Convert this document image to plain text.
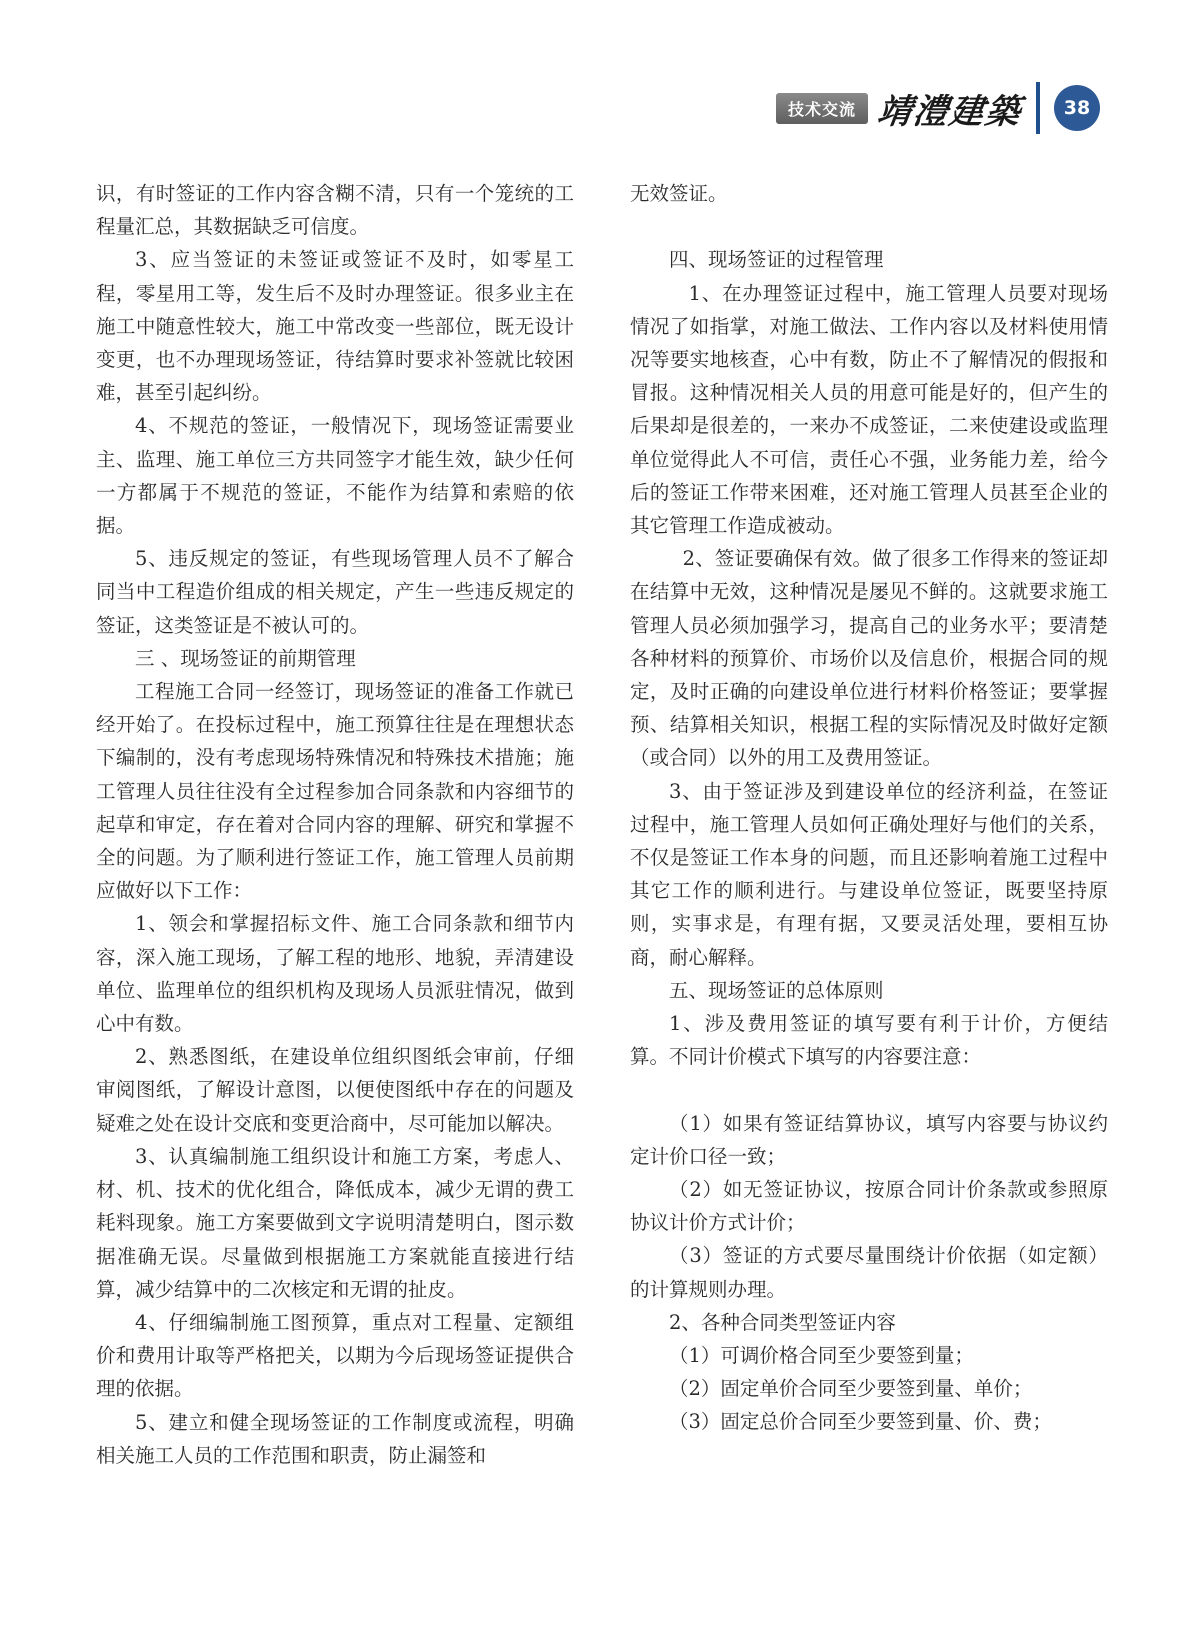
技术交流 靖澧建築	38

识，有时签证的工作内容含糊不清，只有一个笼统的工程量汇总，其数据缺乏可信度。

3、应当签证的未签证或签证不及时，如零星工程，零星用工等，发生后不及时办理签证。很多业主在施工中随意性较大，施工中常改变一些部位，既无设计变更，也不办理现场签证，待结算时要求补签就比较困难，甚至引起纠纷。

4、不规范的签证，一般情况下，现场签证需要业主、监理、施工单位三方共同签字才能生效，缺少任何一方都属于不规范的签证，不能作为结算和索赔的依据。

5、违反规定的签证，有些现场管理人员不了解合同当中工程造价组成的相关规定，产生一些违反规定的签证，这类签证是不被认可的。

三 、现场签证的前期管理

工程施工合同一经签订，现场签证的准备工作就已经开始了。在投标过程中，施工预算往往是在理想状态下编制的，没有考虑现场特殊情况和特殊技术措施；施工管理人员往往没有全过程参加合同条款和内容细节的起草和审定，存在着对合同内容的理解、研究和掌握不全的问题。为了顺利进行签证工作，施工管理人员前期应做好以下工作：

1、领会和掌握招标文件、施工合同条款和细节内容，深入施工现场，了解工程的地形、地貌，弄清建设单位、监理单位的组织机构及现场人员派驻情况，做到心中有数。

2、熟悉图纸，在建设单位组织图纸会审前，仔细审阅图纸，了解设计意图，以便使图纸中存在的问题及疑难之处在设计交底和变更洽商中，尽可能加以解决。

3、认真编制施工组织设计和施工方案，考虑人、材、机、技术的优化组合，降低成本，减少无谓的费工耗料现象。施工方案要做到文字说明清楚明白，图示数据准确无误。尽量做到根据施工方案就能直接进行结算，减少结算中的二次核定和无谓的扯皮。

4、仔细编制施工图预算，重点对工程量、定额组价和费用计取等严格把关，以期为今后现场签证提供合理的依据。

5、建立和健全现场签证的工作制度或流程，明确相关施工人员的工作范围和职责，防止漏签和

无效签证。

四、现场签证的过程管理

1、在办理签证过程中，施工管理人员要对现场情况了如指掌，对施工做法、工作内容以及材料使用情况等要实地核查，心中有数，防止不了解情况的假报和冒报。这种情况相关人员的用意可能是好的，但产生的后果却是很差的，一来办不成签证，二来使建设或监理单位觉得此人不可信，责任心不强，业务能力差，给今后的签证工作带来困难，还对施工管理人员甚至企业的其它管理工作造成被动。

2、签证要确保有效。做了很多工作得来的签证却在结算中无效，这种情况是屡见不鲜的。这就要求施工管理人员必须加强学习，提高自己的业务水平；要清楚各种材料的预算价、市场价以及信息价，根据合同的规定，及时正确的向建设单位进行材料价格签证；要掌握预、结算相关知识，根据工程的实际情况及时做好定额（或合同）以外的用工及费用签证。

3、由于签证涉及到建设单位的经济利益，在签证过程中，施工管理人员如何正确处理好与他们的关系，不仅是签证工作本身的问题，而且还影响着施工过程中其它工作的顺利进行。与建设单位签证，既要坚持原则，实事求是，有理有据，又要灵活处理，要相互协商，耐心解释。

五、现场签证的总体原则

1、涉及费用签证的填写要有利于计价，方便结算。不同计价模式下填写的内容要注意：

（1）如果有签证结算协议，填写内容要与协议约定计价口径一致；

（2）如无签证协议，按原合同计价条款或参照原协议计价方式计价；

（3）签证的方式要尽量围绕计价依据（如定额）的计算规则办理。

2、各种合同类型签证内容

（1）可调价格合同至少要签到量；

（2）固定单价合同至少要签到量、单价；

（3）固定总价合同至少要签到量、价、费；
